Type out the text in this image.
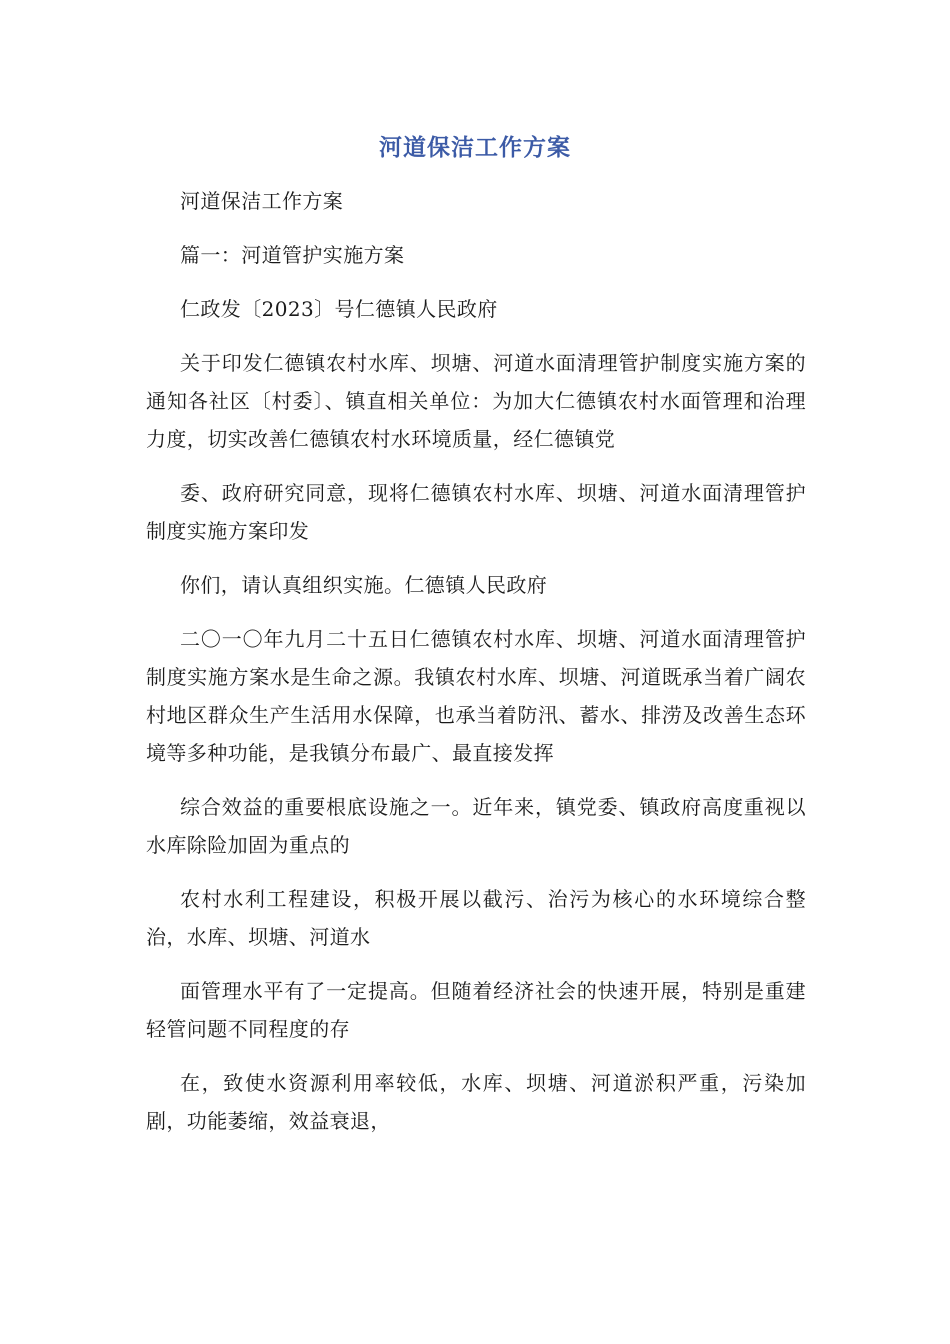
河道保洁工作方案

河道保洁工作方案

篇一：河道管护实施方案

仁政发〔2023〕号仁德镇人民政府

关于印发仁德镇农村水库、坝塘、河道水面清理管护制度实施方案的通知各社区〔村委〕、镇直相关单位：为加大仁德镇农村水面管理和治理力度，切实改善仁德镇农村水环境质量，经仁德镇党

委、政府研究同意，现将仁德镇农村水库、坝塘、河道水面清理管护制度实施方案印发

你们，请认真组织实施。仁德镇人民政府

二〇一〇年九月二十五日仁德镇农村水库、坝塘、河道水面清理管护制度实施方案水是生命之源。我镇农村水库、坝塘、河道既承当着广阔农村地区群众生产生活用水保障，也承当着防汛、蓄水、排涝及改善生态环境等多种功能，是我镇分布最广、最直接发挥

综合效益的重要根底设施之一。近年来，镇党委、镇政府高度重视以水库除险加固为重点的

农村水利工程建设，积极开展以截污、治污为核心的水环境综合整治，水库、坝塘、河道水

面管理水平有了一定提高。但随着经济社会的快速开展，特别是重建轻管问题不同程度的存

在，致使水资源利用率较低，水库、坝塘、河道淤积严重，污染加剧，功能萎缩，效益衰退，
